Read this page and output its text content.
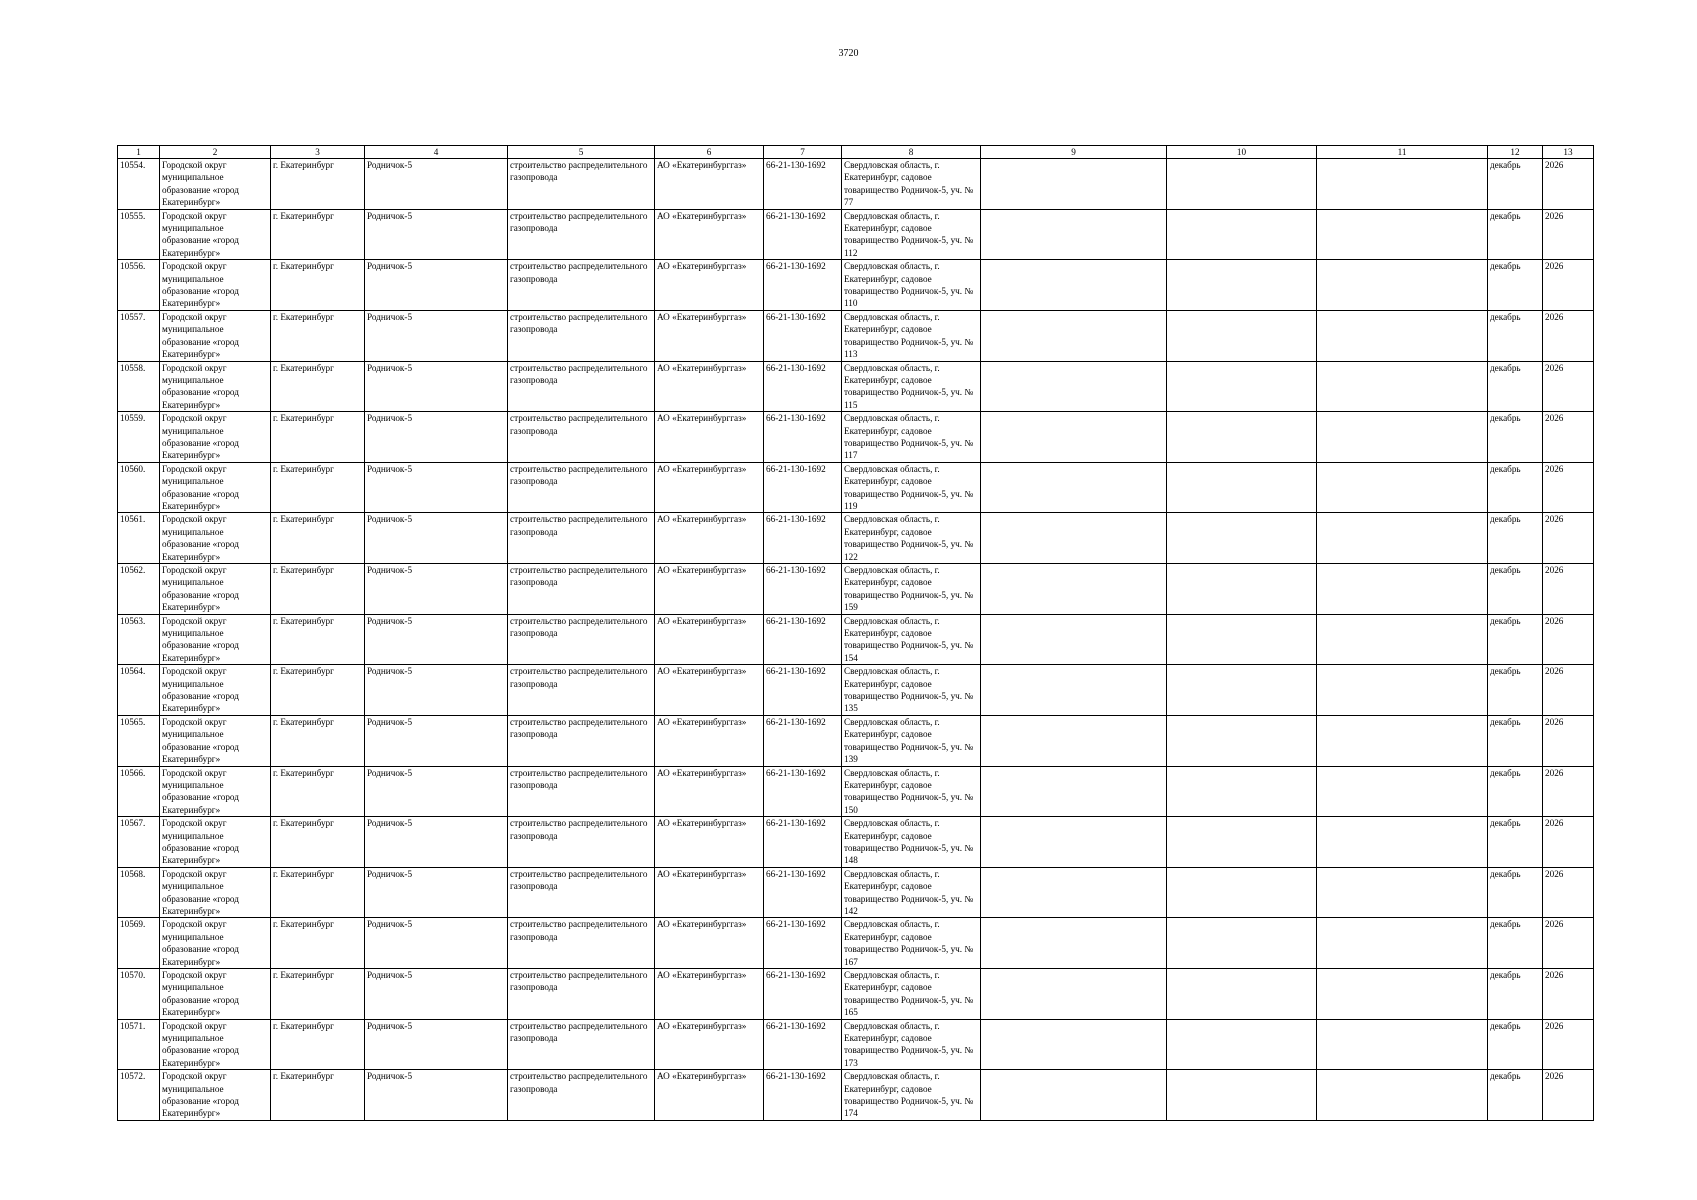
3720
1	2	3	4	5	6	7	8	9	10	11	12	13
10554.	Городской округ муниципальное образование «город Екатеринбург»	г. Екатеринбург	Родничок-5	строительство распределительного газопровода	АО «Екатеринбурггаз»	66-21-130-1692	Свердловская область, г. Екатеринбург, садовое товарищество Родничок-5, уч. № 77				декабрь	2026
10555.	Городской округ муниципальное образование «город Екатеринбург»	г. Екатеринбург	Родничок-5	строительство распределительного газопровода	АО «Екатеринбурггаз»	66-21-130-1692	Свердловская область, г. Екатеринбург, садовое товарищество Родничок-5, уч. № 112				декабрь	2026
10556.	Городской округ муниципальное образование «город Екатеринбург»	г. Екатеринбург	Родничок-5	строительство распределительного газопровода	АО «Екатеринбурггаз»	66-21-130-1692	Свердловская область, г. Екатеринбург, садовое товарищество Родничок-5, уч. № 110				декабрь	2026
10557.	Городской округ муниципальное образование «город Екатеринбург»	г. Екатеринбург	Родничок-5	строительство распределительного газопровода	АО «Екатеринбурггаз»	66-21-130-1692	Свердловская область, г. Екатеринбург, садовое товарищество Родничок-5, уч. № 113				декабрь	2026
10558.	Городской округ муниципальное образование «город Екатеринбург»	г. Екатеринбург	Родничок-5	строительство распределительного газопровода	АО «Екатеринбурггаз»	66-21-130-1692	Свердловская область, г. Екатеринбург, садовое товарищество Родничок-5, уч. № 115				декабрь	2026
10559.	Городской округ муниципальное образование «город Екатеринбург»	г. Екатеринбург	Родничок-5	строительство распределительного газопровода	АО «Екатеринбурггаз»	66-21-130-1692	Свердловская область, г. Екатеринбург, садовое товарищество Родничок-5, уч. № 117				декабрь	2026
10560.	Городской округ муниципальное образование «город Екатеринбург»	г. Екатеринбург	Родничок-5	строительство распределительного газопровода	АО «Екатеринбурггаз»	66-21-130-1692	Свердловская область, г. Екатеринбург, садовое товарищество Родничок-5, уч. № 119				декабрь	2026
10561.	Городской округ муниципальное образование «город Екатеринбург»	г. Екатеринбург	Родничок-5	строительство распределительного газопровода	АО «Екатеринбурггаз»	66-21-130-1692	Свердловская область, г. Екатеринбург, садовое товарищество Родничок-5, уч. № 122				декабрь	2026
10562.	Городской округ муниципальное образование «город Екатеринбург»	г. Екатеринбург	Родничок-5	строительство распределительного газопровода	АО «Екатеринбурггаз»	66-21-130-1692	Свердловская область, г. Екатеринбург, садовое товарищество Родничок-5, уч. № 159				декабрь	2026
10563.	Городской округ муниципальное образование «город Екатеринбург»	г. Екатеринбург	Родничок-5	строительство распределительного газопровода	АО «Екатеринбурггаз»	66-21-130-1692	Свердловская область, г. Екатеринбург, садовое товарищество Родничок-5, уч. № 154				декабрь	2026
10564.	Городской округ муниципальное образование «город Екатеринбург»	г. Екатеринбург	Родничок-5	строительство распределительного газопровода	АО «Екатеринбурггаз»	66-21-130-1692	Свердловская область, г. Екатеринбург, садовое товарищество Родничок-5, уч. № 135				декабрь	2026
10565.	Городской округ муниципальное образование «город Екатеринбург»	г. Екатеринбург	Родничок-5	строительство распределительного газопровода	АО «Екатеринбурггаз»	66-21-130-1692	Свердловская область, г. Екатеринбург, садовое товарищество Родничок-5, уч. № 139				декабрь	2026
10566.	Городской округ муниципальное образование «город Екатеринбург»	г. Екатеринбург	Родничок-5	строительство распределительного газопровода	АО «Екатеринбурггаз»	66-21-130-1692	Свердловская область, г. Екатеринбург, садовое товарищество Родничок-5, уч. № 150				декабрь	2026
10567.	Городской округ муниципальное образование «город Екатеринбург»	г. Екатеринбург	Родничок-5	строительство распределительного газопровода	АО «Екатеринбурггаз»	66-21-130-1692	Свердловская область, г. Екатеринбург, садовое товарищество Родничок-5, уч. № 148				декабрь	2026
10568.	Городской округ муниципальное образование «город Екатеринбург»	г. Екатеринбург	Родничок-5	строительство распределительного газопровода	АО «Екатеринбурггаз»	66-21-130-1692	Свердловская область, г. Екатеринбург, садовое товарищество Родничок-5, уч. № 142				декабрь	2026
10569.	Городской округ муниципальное образование «город Екатеринбург»	г. Екатеринбург	Родничок-5	строительство распределительного газопровода	АО «Екатеринбурггаз»	66-21-130-1692	Свердловская область, г. Екатеринбург, садовое товарищество Родничок-5, уч. № 167				декабрь	2026
10570.	Городской округ муниципальное образование «город Екатеринбург»	г. Екатеринбург	Родничок-5	строительство распределительного газопровода	АО «Екатеринбурггаз»	66-21-130-1692	Свердловская область, г. Екатеринбург, садовое товарищество Родничок-5, уч. № 165				декабрь	2026
10571.	Городской округ муниципальное образование «город Екатеринбург»	г. Екатеринбург	Родничок-5	строительство распределительного газопровода	АО «Екатеринбурггаз»	66-21-130-1692	Свердловская область, г. Екатеринбург, садовое товарищество Родничок-5, уч. № 173				декабрь	2026
10572.	Городской округ муниципальное образование «город Екатеринбург»	г. Екатеринбург	Родничок-5	строительство распределительного газопровода	АО «Екатеринбурггаз»	66-21-130-1692	Свердловская область, г. Екатеринбург, садовое товарищество Родничок-5, уч. № 174				декабрь	2026
